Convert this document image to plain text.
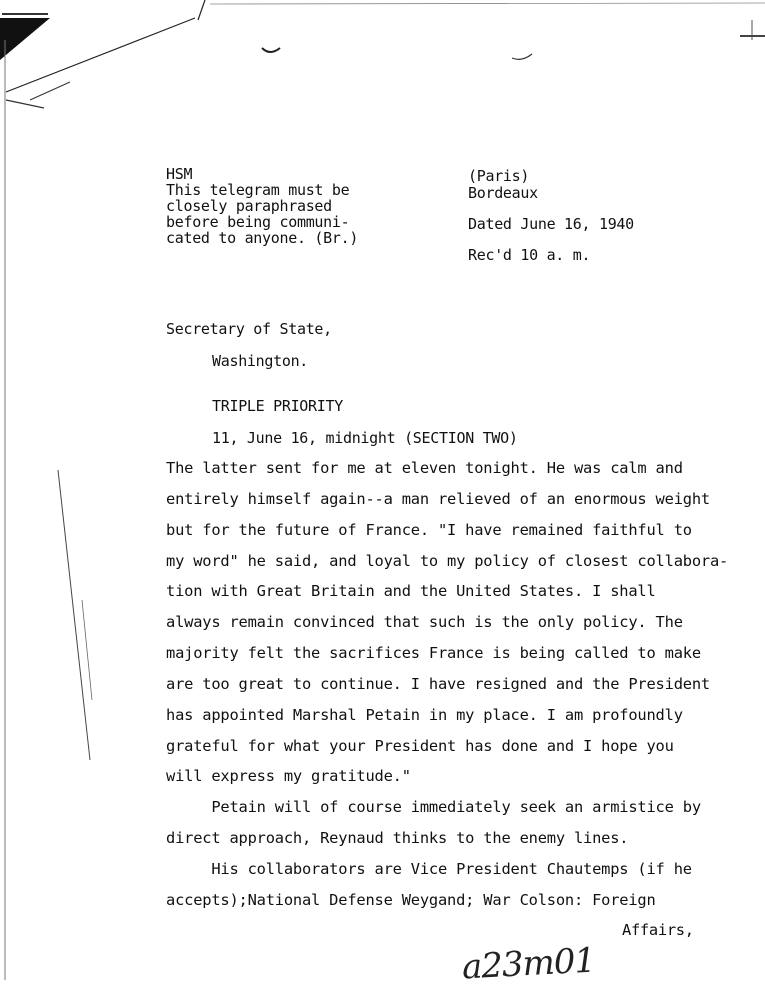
HSM
This telegram must be
closely paraphrased
before being communi-
cated to anyone. (Br.)
(Paris)
Bordeaux
Dated June 16, 1940
Rec'd 10 a. m.
Secretary of State,
Washington.
TRIPLE PRIORITY
11, June 16, midnight (SECTION TWO)
The latter sent for me at eleven tonight. He was calm and
entirely himself again--a man relieved of an enormous weight
but for the future of France. "I have remained faithful to
my word" he said, and loyal to my policy of closest collabora-
tion with Great Britain and the United States. I shall
always remain convinced that such is the only policy. The
majority felt the sacrifices France is being called to make
are too great to continue. I have resigned and the President
has appointed Marshal Petain in my place. I am profoundly
grateful for what your President has done and I hope you
will express my gratitude."
Petain will of course immediately seek an armistice by
direct approach, Reynaud thinks to the enemy lines.
His collaborators are Vice President Chautemps (if he
accepts);National Defense Weygand; War Colson: Foreign
Affairs,
a23m01
